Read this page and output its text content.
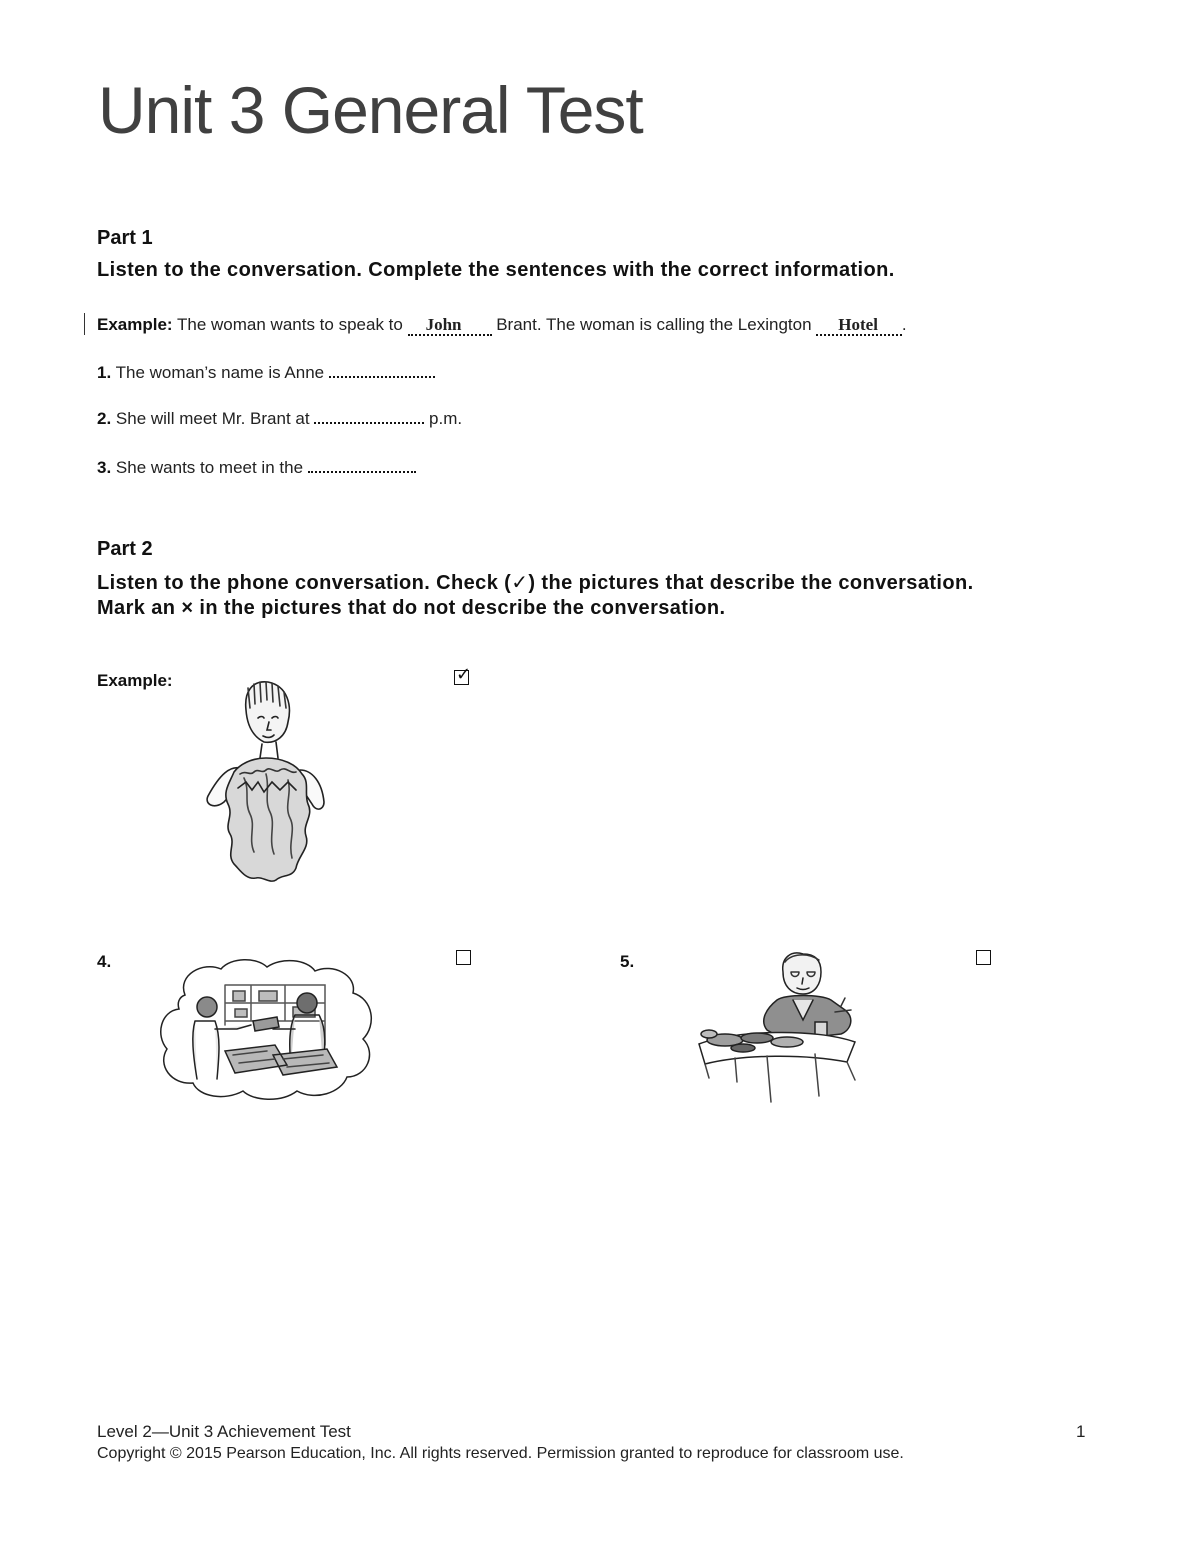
Unit 3 General Test
Part 1
Listen to the conversation. Complete the sentences with the correct information.
Example: The woman wants to speak to John Brant. The woman is calling the Lexington Hotel .
1. The woman’s name is Anne
2. She will meet Mr. Brant at	p.m.
3. She wants to meet in the
Part 2
Listen to the phone conversation. Check (✓) the pictures that describe the conversation.
Mark an × in the pictures that do not describe the conversation.
Example:	✓
4.	5.
Level 2—Unit 3 Achievement Test	1
Copyright © 2015 Pearson Education, Inc. All rights reserved. Permission granted to reproduce for classroom use.
